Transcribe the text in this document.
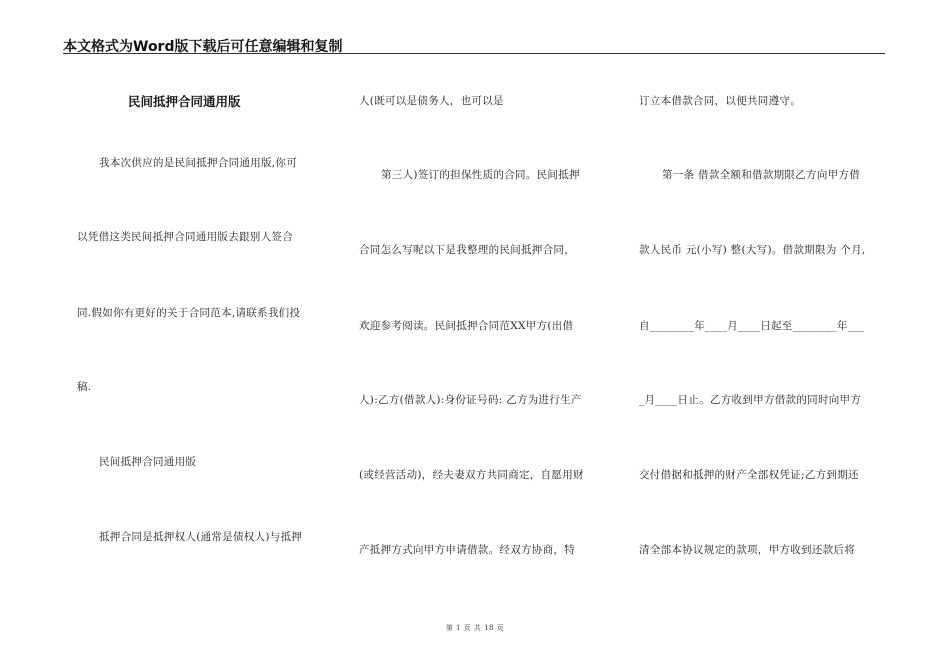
本文格式为Word版下载后可任意编辑和复制
民间抵押合同通用版
我本次供应的是民间抵押合同通用版,你可
以凭借这类民间抵押合同通用版去跟别人签合
同.假如你有更好的关于合同范本,请联系我们投
稿.
民间抵押合同通用版
抵押合同是抵押权人(通常是债权人)与抵押
人(既可以是债务人，也可以是
第三人)签订的担保性质的合同。民间抵押
合同怎么写呢以下是我整理的民间抵押合同，
欢迎参考阅读。民间抵押合同范XX甲方(出借
人):乙方(借款人):身份证号码: 乙方为进行生产
(或经营活动)，经夫妻双方共同商定，自愿用财
产抵押方式向甲方申请借款。经双方协商，特
订立本借款合同，以便共同遵守。
第一条 借款全额和借款期限乙方向甲方借
款人民币 元(小写) 整(大写)。借款期限为 个月,
自________年____月____日起至________年___
_月____日止。乙方收到甲方借款的同时向甲方
交付借据和抵押的财产全部权凭证;乙方到期还
清全部本协议规定的款项，甲方收到还款后将
第 1 页 共 18 页
